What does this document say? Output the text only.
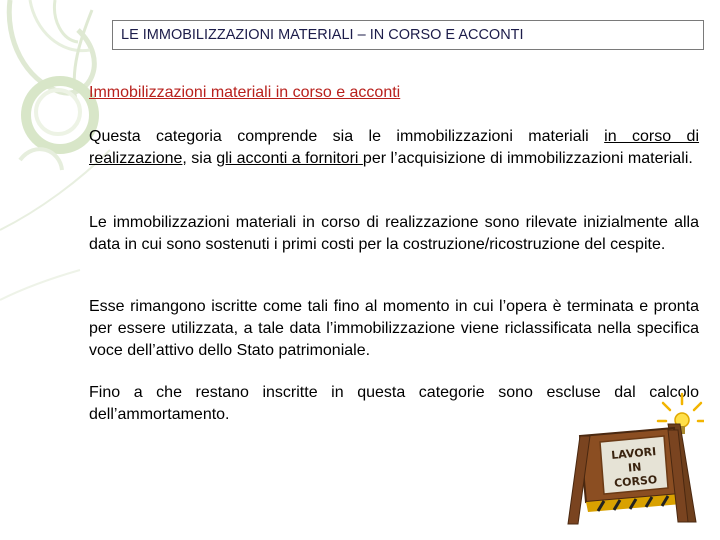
LE IMMOBILIZZAZIONI MATERIALI – IN CORSO E ACCONTI
Immobilizzazioni materiali in corso e acconti
Questa categoria comprende sia le immobilizzazioni materiali in corso di realizzazione, sia gli acconti a fornitori per l’acquisizione di immobilizzazioni materiali.
Le immobilizzazioni materiali in corso di realizzazione sono rilevate inizialmente alla data in cui sono sostenuti i primi costi per la costruzione/ricostruzione del cespite.
Esse rimangono iscritte come tali fino al momento in cui l’opera è terminata e pronta per essere utilizzata, a tale data l’immobilizzazione viene riclassificata nella specifica voce dell’attivo dello Stato patrimoniale.
Fino a che restano inscritte in questa categorie sono escluse dal calcolo dell’ammortamento.
LAVORI
IN
CORSO
